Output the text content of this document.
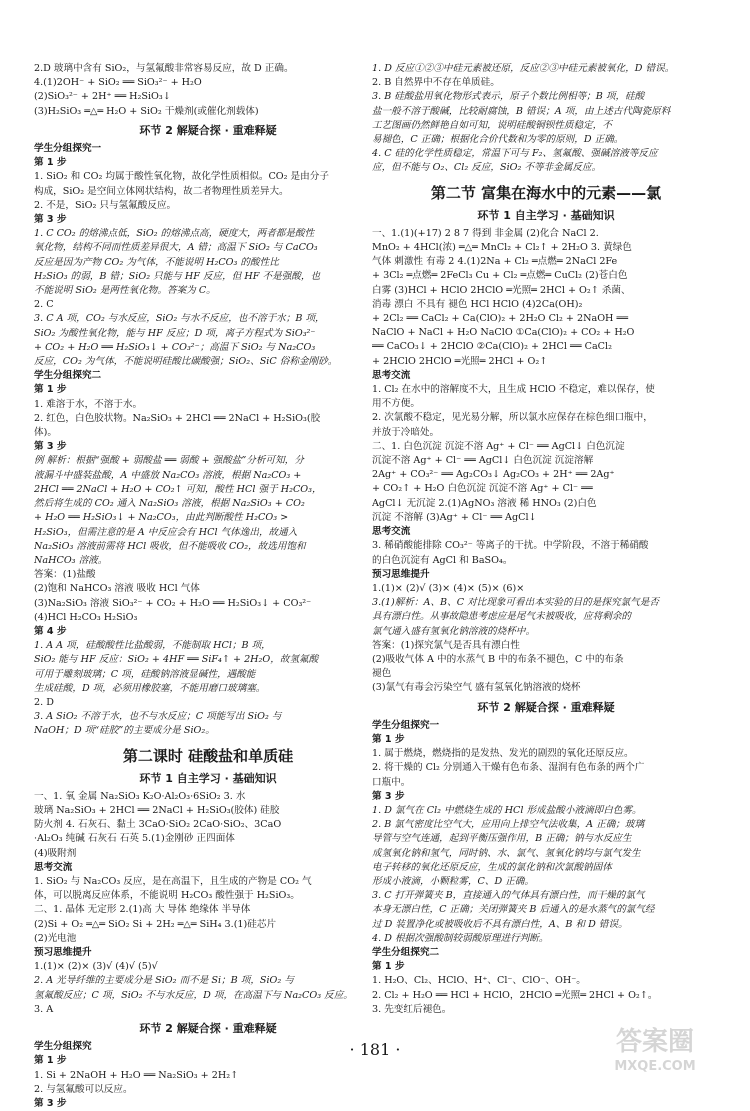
2.D 玻璃中含有 SiO₂，与氢氟酸非常容易反应，故 D 正确。
4.(1)2OH⁻ + SiO₂ ══ SiO₃²⁻ + H₂O
(2)SiO₃²⁻ + 2H⁺ ══ H₂SiO₃↓
(3)H₂SiO₃ ═△═ H₂O + SiO₂ 干燥剂(或催化剂载体)
环节 2 解疑合探 · 重难释疑
学生分组探究一
第 1 步
1. SiO₂ 和 CO₂ 均属于酸性氧化物，故化学性质相似。CO₂ 是由分子
构成，SiO₂ 是空间立体网状结构，故二者物理性质差异大。
2. 不是，SiO₂ 只与氢氟酸反应。
第 3 步
1. C CO₂ 的熔沸点低，SiO₂ 的熔沸点高，硬度大，两者都是酸性
氧化物，结构不同而性质差异很大，A 错；高温下 SiO₂ 与 CaCO₃
反应是因为产物 CO₂ 为气体，不能说明 H₂CO₃ 的酸性比
H₂SiO₃ 的弱，B 错；SiO₂ 只能与 HF 反应，但 HF 不是强酸，也
不能说明 SiO₂ 是两性氧化物。答案为 C。
2. C
3. C A 项，CO₂ 与水反应，SiO₂ 与水不反应，也不溶于水；B 项，
SiO₂ 为酸性氧化物，能与 HF 反应；D 项，离子方程式为 SiO₃²⁻
+ CO₂ + H₂O ══ H₂SiO₃↓ + CO₃²⁻；高温下 SiO₂ 与 Na₂CO₃
反应，CO₂ 为气体，不能说明硅酸比碳酸强；SiO₂、SiC 俗称金刚砂。
学生分组探究二
第 1 步
1. 难溶于水，不溶于水。
2. 红色，白色胶状物。Na₂SiO₃ + 2HCl ══ 2NaCl + H₂SiO₃(胶
体)。
第 3 步
例 解析：根据“强酸 + 弱酸盐 ══ 弱酸 + 强酸盐”分析可知，分
液漏斗中盛装盐酸，A 中盛放 Na₂CO₃ 溶液，根据 Na₂CO₃ +
2HCl ══ 2NaCl + H₂O + CO₂↑ 可知，酸性 HCl 强于 H₂CO₃，
然后将生成的 CO₂ 通入 Na₂SiO₃ 溶液，根据 Na₂SiO₃ + CO₂
+ H₂O ══ H₂SiO₃↓ + Na₂CO₃，由此判断酸性 H₂CO₃ >
H₂SiO₃，但需注意的是 A 中反应会有 HCl 气体逸出，故通入
Na₂SiO₃ 溶液前需将 HCl 吸收，但不能吸收 CO₂，故选用饱和
NaHCO₃ 溶液。
答案：(1)盐酸
(2)饱和 NaHCO₃ 溶液 吸收 HCl 气体
(3)Na₂SiO₃ 溶液 SiO₃²⁻ + CO₂ + H₂O ══ H₂SiO₃↓ + CO₃²⁻
(4)HCl H₂CO₃ H₂SiO₃
第 4 步
1. A A 项，硅酸酸性比盐酸弱，不能制取 HCl；B 项，
SiO₂ 能与 HF 反应：SiO₂ + 4HF ══ SiF₄↑ + 2H₂O，故氢氟酸
可用于雕刻玻璃；C 项，硅酸钠溶液显碱性，遇酸能
生成硅酸，D 项，必须用橡胶塞，不能用磨口玻璃塞。
2. D
3. A SiO₂ 不溶于水，也不与水反应；C 项能写出 SiO₂ 与
NaOH；D 项“硅胶”的主要成分是 SiO₂。
第二课时 硅酸盐和单质硅
环节 1 自主学习 · 基础知识
一、1. 氧 金属 Na₂SiO₃ K₂O·Al₂O₃·6SiO₂ 3. 水
玻璃 Na₂SiO₃ + 2HCl ══ 2NaCl + H₂SiO₃(胶体) 硅胶
防火剂 4. 石灰石、黏土 3CaO·SiO₂ 2CaO·SiO₂、3CaO
·Al₂O₃ 纯碱 石灰石 石英 5.(1)金刚砂 正四面体
(4)吸附剂
思考交流
1. SiO₂ 与 Na₂CO₃ 反应，是在高温下，且生成的产物是 CO₂ 气
体，可以脱离反应体系，不能说明 H₂CO₃ 酸性强于 H₂SiO₃。
二、1. 晶体 无定形 2.(1)高 大 导体 绝缘体 半导体
(2)Si + O₂ ═△═ SiO₂ Si + 2H₂ ═△═ SiH₄ 3.(1)硅芯片
(2)光电池
预习思维提升
1.(1)× (2)× (3)√ (4)√ (5)√
2. A 光导纤维的主要成分是 SiO₂ 而不是 Si；B 项，SiO₂ 与
氢氟酸反应；C 项，SiO₂ 不与水反应，D 项，在高温下与 Na₂CO₃ 反应。
3. A
环节 2 解疑合探 · 重难释疑
学生分组探究
第 1 步
1. Si + 2NaOH + H₂O ══ Na₂SiO₃ + 2H₂↑
2. 与氢氟酸可以反应。
第 3 步
1. D 反应①②③中硅元素被还原，反应②③中硅元素被氧化，D 错误。
2. B 自然界中不存在单质硅。
3. B 硅酸盐用氧化物形式表示，原子个数比例相等；B 项，硅酸
盐一般不溶于酸碱，比较耐腐蚀，B 错误；A 项，由上述古代陶瓷原料
工艺图画仍然鲜艳自如可知，说明硅酸铜钡性质稳定，不
易褪色，C 正确；根据化合价代数和为零的原则，D 正确。
4. C 硅的化学性质稳定，常温下可与 F₂、氢氟酸、强碱溶液等反应
应，但不能与 O₂、Cl₂ 反应，SiO₂ 不等非金属反应。
第二节 富集在海水中的元素——氯
环节 1 自主学习 · 基础知识
一、1.(1)(+17) 2 8 7 得到 非金属 (2)化合 NaCl 2.
MnO₂ + 4HCl(浓) ═△═ MnCl₂ + Cl₂↑ + 2H₂O 3. 黄绿色
气体 刺激性 有毒 2 4.(1)2Na + Cl₂ ═点燃═ 2NaCl 2Fe
+ 3Cl₂ ═点燃═ 2FeCl₃ Cu + Cl₂ ═点燃═ CuCl₂ (2)苍白色
白雾 (3)HCl + HClO 2HClO ═光照═ 2HCl + O₂↑ 杀菌、
消毒 漂白 不具有 褪色 HCl HClO (4)2Ca(OH)₂
+ 2Cl₂ ══ CaCl₂ + Ca(ClO)₂ + 2H₂O Cl₂ + 2NaOH ══
NaClO + NaCl + H₂O NaClO ①Ca(ClO)₂ + CO₂ + H₂O
══ CaCO₃↓ + 2HClO ②Ca(ClO)₂ + 2HCl ══ CaCl₂
+ 2HClO 2HClO ═光照═ 2HCl + O₂↑
思考交流
1. Cl₂ 在水中的溶解度不大，且生成 HClO 不稳定，难以保存，使
用不方便。
2. 次氯酸不稳定，见光易分解，所以氯水应保存在棕色细口瓶中，
并放于冷暗处。
二、1. 白色沉淀 沉淀不溶 Ag⁺ + Cl⁻ ══ AgCl↓ 白色沉淀
沉淀不溶 Ag⁺ + Cl⁻ ══ AgCl↓ 白色沉淀 沉淀溶解
2Ag⁺ + CO₃²⁻ ══ Ag₂CO₃↓ Ag₂CO₃ + 2H⁺ ══ 2Ag⁺
+ CO₂↑ + H₂O 白色沉淀 沉淀不溶 Ag⁺ + Cl⁻ ══
AgCl↓ 无沉淀 2.(1)AgNO₃ 溶液 稀 HNO₃ (2)白色
沉淀 不溶解 (3)Ag⁺ + Cl⁻ ══ AgCl↓
思考交流
3. 稀硝酸能排除 CO₃²⁻ 等离子的干扰。中学阶段，不溶于稀硝酸
的白色沉淀有 AgCl 和 BaSO₄。
预习思维提升
1.(1)× (2)√ (3)× (4)× (5)× (6)×
3.(1)解析：A、B、C 对比现象可看出本实验的目的是探究氯气是否
具有漂白性。从事故隐患考虑应是尾气未被吸收，应将剩余的
氯气通入盛有氢氧化钠溶液的烧杯中。
答案：(1)探究氯气是否具有漂白性
(2)吸收气体 A 中的水蒸气 B 中的布条不褪色，C 中的布条
褪色
(3)氯气有毒会污染空气 盛有氢氧化钠溶液的烧杯
环节 2 解疑合探 · 重难释疑
学生分组探究一
第 1 步
1. 属于燃烧，燃烧指的是发热、发光的剧烈的氧化还原反应。
2. 将干燥的 Cl₂ 分别通入干燥有色布条、湿润有色布条的两个广
口瓶中。
第 3 步
1. D 氯气在 Cl₂ 中燃烧生成的 HCl 形成盐酸小液滴即白色雾。
2. B 氯气密度比空气大，应用向上排空气法收集，A 正确；玻璃
导管与空气连通，起到平衡压强作用，B 正确；钠与水反应生
成氢氧化钠和氢气，同时钠、水、氯气、氢氧化钠均与氯气发生
电子转移的氧化还原反应，生成的氯化钠和次氯酸钠固体
形成小液滴，小颗粒雾，C、D 正确。
3. C 打开弹簧夹 B，直接通入的气体具有漂白性，而干燥的氯气
本身无漂白性，C 正确；关闭弹簧夹 B 后通入的是水蒸气的氯气经
过 D 装置净化或被吸收后不具有漂白性，A、B 和 D 错误。
4. D 根据次强酸制较弱酸原理进行判断。
学生分组探究二
第 1 步
1. H₂O、Cl₂、HClO、H⁺、Cl⁻、ClO⁻、OH⁻。
2. Cl₂ + H₂O ══ HCl + HClO，2HClO ═光照═ 2HCl + O₂↑。
3. 先变红后褪色。
· 181 ·	答案圈
MXQE.COM
